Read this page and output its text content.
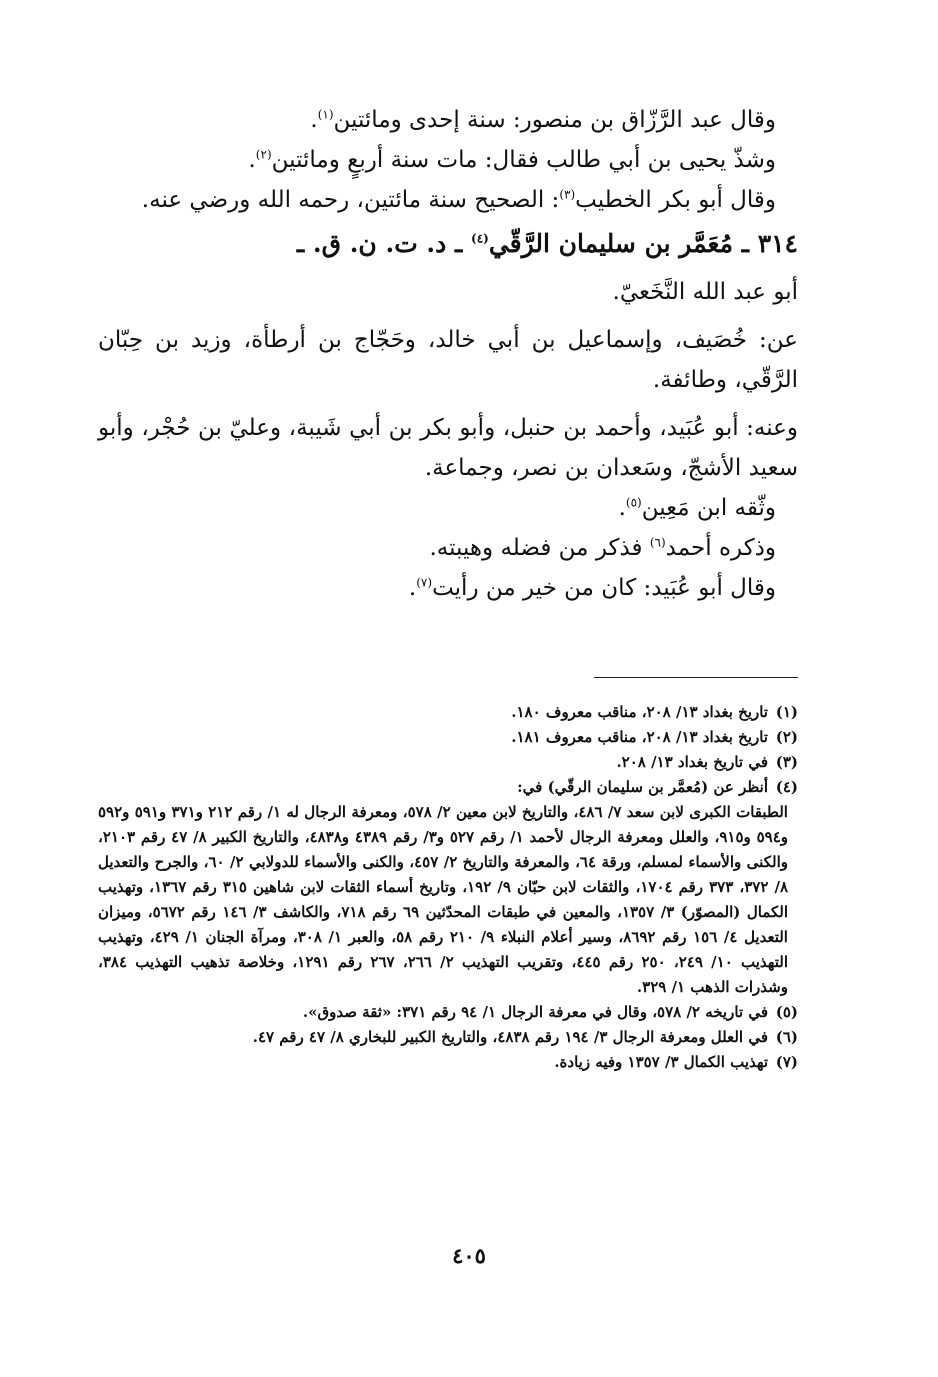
وقال عبد الرَّزّاق بن منصور: سنة إحدى ومائتين$^{(١)}$.

وشذّ يحيى بن أبي طالب فقال: مات سنة أربعٍ ومائتين$^{(٢)}$.

وقال أبو بكر الخطيب$^{(٣)}$: الصحيح سنة مائتين، رحمه الله ورضي عنه.

٣١٤ ـ مُعَمَّر بن سليمان الرَّقّي$^{(٤)}$ ـ د. ت. ن. ق. ـ

أبو عبد الله النَّخَعيّ.

عن: خُصَيف، وإسماعيل بن أبي خالد، وحَجّاج بن أرطأة، وزيد بن حِبّان الرَّقّي، وطائفة.

وعنه: أبو عُبَيد، وأحمد بن حنبل، وأبو بكر بن أبي شَيبة، وعليّ بن حُجْر، وأبو سعيد الأشجّ، وسَعدان بن نصر، وجماعة.

وثّقه ابن مَعِين$^{(٥)}$.

وذكره أحمد$^{(٦)}$ فذكر من فضله وهيبته.

وقال أبو عُبَيد: كان من خير من رأيت$^{(٧)}$.

(١)
تاريخ بغداد ١٣/ ٢٠٨، مناقب معروف ١٨٠.
(٢)
تاريخ بغداد ١٣/ ٢٠٨، مناقب معروف ١٨١.
(٣)
في تاريخ بغداد ١٣/ ٢٠٨.
(٤)
أنظر عن (مُعمَّر بن سليمان الرقّي) في:

الطبقات الكبرى لابن سعد ٧/ ٤٨٦، والتاريخ لابن معين ٢/ ٥٧٨، ومعرفة الرجال له ١/ رقم ٢١٢ و٣٧١ و٥٩١ و٥٩٢ و٥٩٤ و٩١٥، والعلل ومعرفة الرجال لأحمد ١/ رقم ٥٢٧ و٣/ رقم ٤٣٨٩ و٤٨٣٨، والتاريخ الكبير ٨/ ٤٧ رقم ٢١٠٣، والكنى والأسماء لمسلم، ورقة ٦٤، والمعرفة والتاريخ ٢/ ٤٥٧، والكنى والأسماء للدولابي ٢/ ٦٠، والجرح والتعديل ٨/ ٣٧٢، ٣٧٣ رقم ١٧٠٤، والثقات لابن حبّان ٩/ ١٩٢، وتاريخ أسماء الثقات لابن شاهين ٣١٥ رقم ١٣٦٧، وتهذيب الكمال (المصوّر) ٣/ ١٣٥٧، والمعين في طبقات المحدّثين ٦٩ رقم ٧١٨، والكاشف ٣/ ١٤٦ رقم ٥٦٧٢، وميزان التعديل ٤/ ١٥٦ رقم ٨٦٩٢، وسير أعلام النبلاء ٩/ ٢١٠ رقم ٥٨، والعبر ١/ ٣٠٨، ومرآة الجنان ١/ ٤٢٩، وتهذيب التهذيب ١٠/ ٢٤٩، ٢٥٠ رقم ٤٤٥، وتقريب التهذيب ٢/ ٢٦٦، ٢٦٧ رقم ١٢٩١، وخلاصة تذهيب التهذيب ٣٨٤، وشذرات الذهب ١/ ٣٢٩.

(٥)
في تاريخه ٢/ ٥٧٨، وقال في معرفة الرجال ١/ ٩٤ رقم ٣٧١: «ثقة صدوق».
(٦)
في العلل ومعرفة الرجال ٣/ ١٩٤ رقم ٤٨٣٨، والتاريخ الكبير للبخاري ٨/ ٤٧ رقم ٤٧.
(٧)
تهذيب الكمال ٣/ ١٣٥٧ وفيه زيادة.
٤٠٥
